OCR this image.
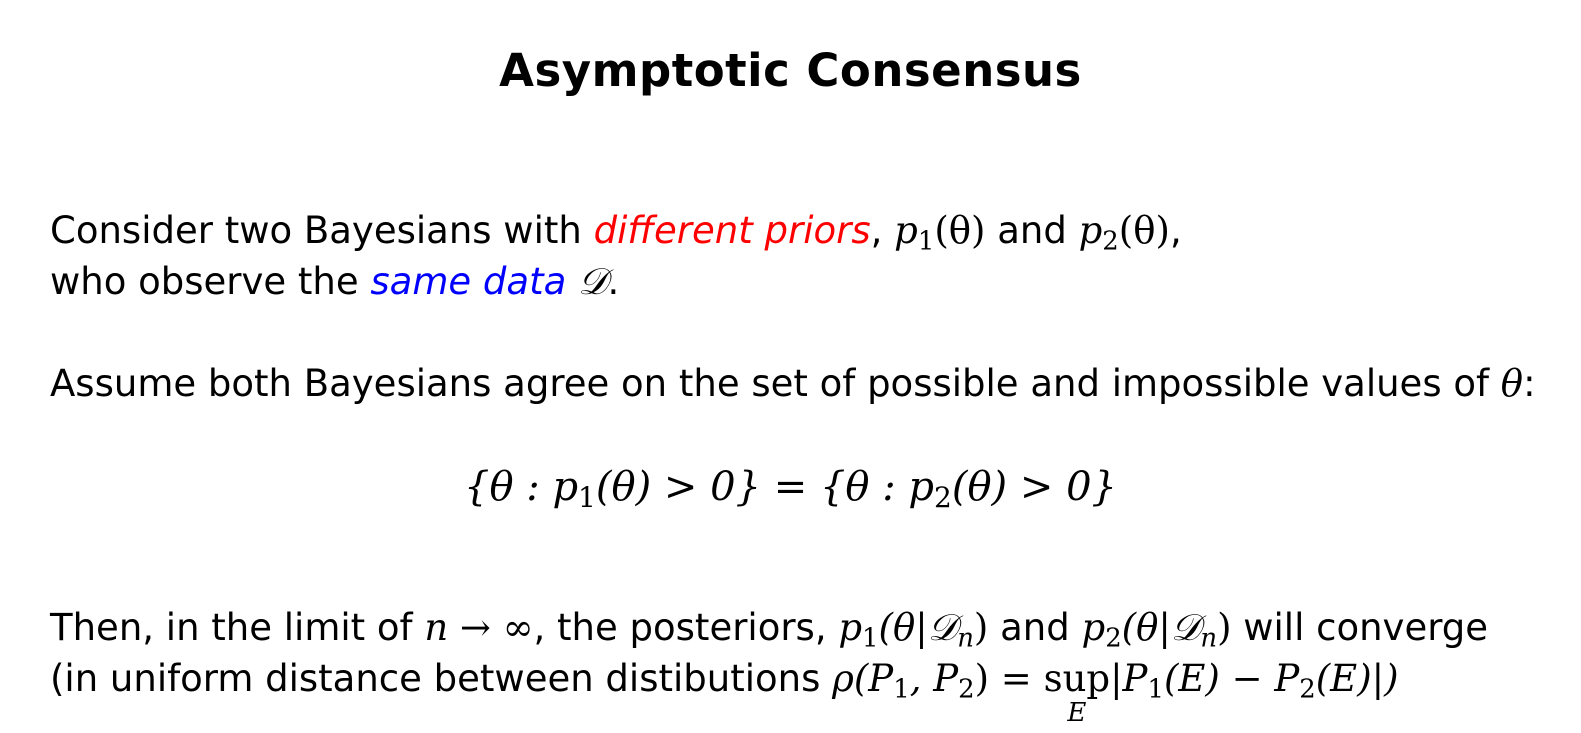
Asymptotic Consensus
Consider two Bayesians with different priors, $p_1(\theta)$ and $p_2(\theta)$,
who observe the same data 𝒟.
Assume both Bayesians agree on the set of possible and impossible values of θ:
{θ : $p_1(\theta) > 0\} = \{\theta$ : $p_2(\theta) > 0$}
Then, in the limit of n → ∞, the posteriors, $p_1(\theta|𝒟_n)$ and $p_2(\theta|𝒟_n)$ will converge
(in uniform distance between distibutions $\rho(P_1$, $P_2$) = sup
E
$|P_1(E) - P_2(E)|$)
